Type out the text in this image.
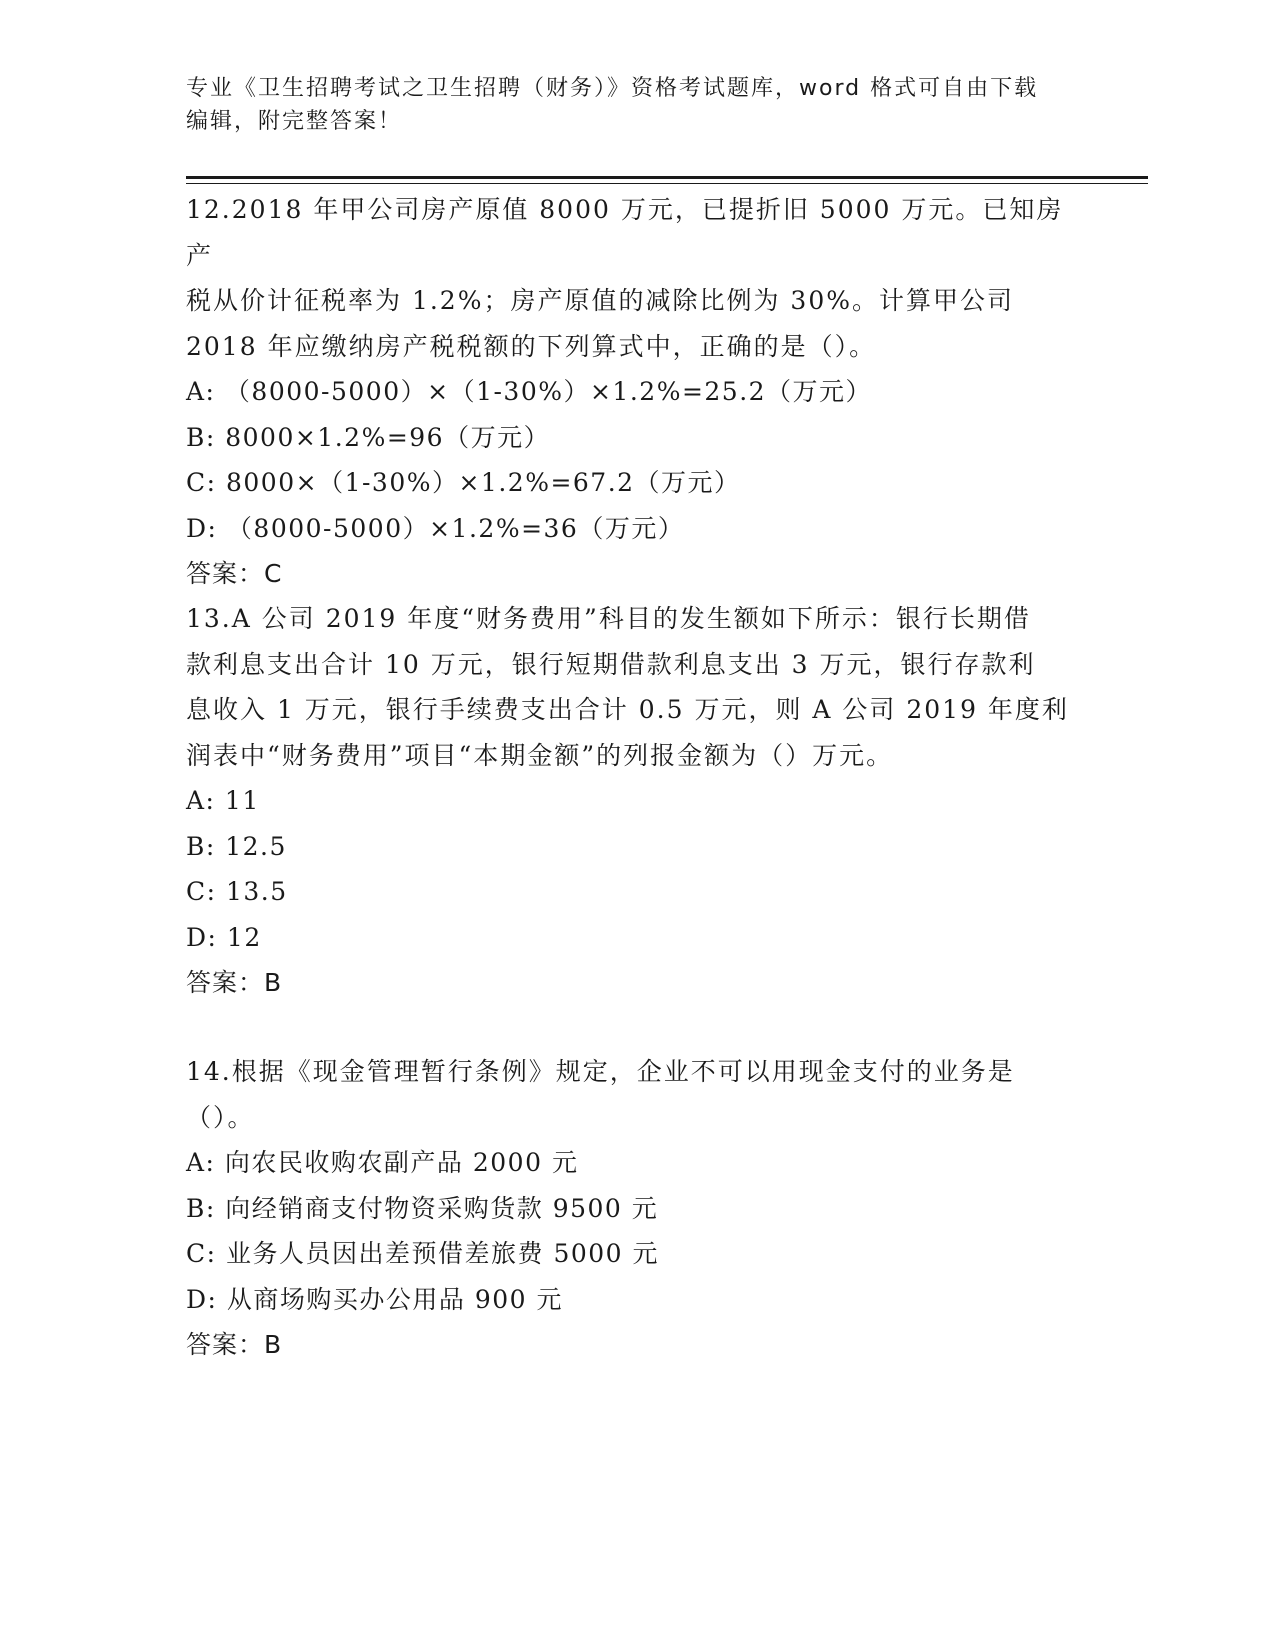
专业《卫生招聘考试之卫生招聘（财务）》资格考试题库，word 格式可自由下载
编辑，附完整答案！
12.2018 年甲公司房产原值 8000 万元，已提折旧 5000 万元。已知房产
税从价计征税率为 1.2%；房产原值的减除比例为 30%。计算甲公司
2018 年应缴纳房产税税额的下列算式中，正确的是（）。
A: （8000-5000）×（1-30%）×1.2%=25.2（万元）
B: 8000×1.2%=96（万元）
C: 8000×（1-30%）×1.2%=67.2（万元）
D: （8000-5000）×1.2%=36（万元）
答案：C
13.A 公司 2019 年度“财务费用”科目的发生额如下所示：银行长期借
款利息支出合计 10 万元，银行短期借款利息支出 3 万元，银行存款利
息收入 1 万元，银行手续费支出合计 0.5 万元，则 A 公司 2019 年度利
润表中“财务费用”项目“本期金额”的列报金额为（）万元。
A: 11
B: 12.5
C: 13.5
D: 12
答案：B
14.根据《现金管理暂行条例》规定，企业不可以用现金支付的业务是
（）。
A: 向农民收购农副产品 2000 元
B: 向经销商支付物资采购货款 9500 元
C: 业务人员因出差预借差旅费 5000 元
D: 从商场购买办公用品 900 元
答案：B
